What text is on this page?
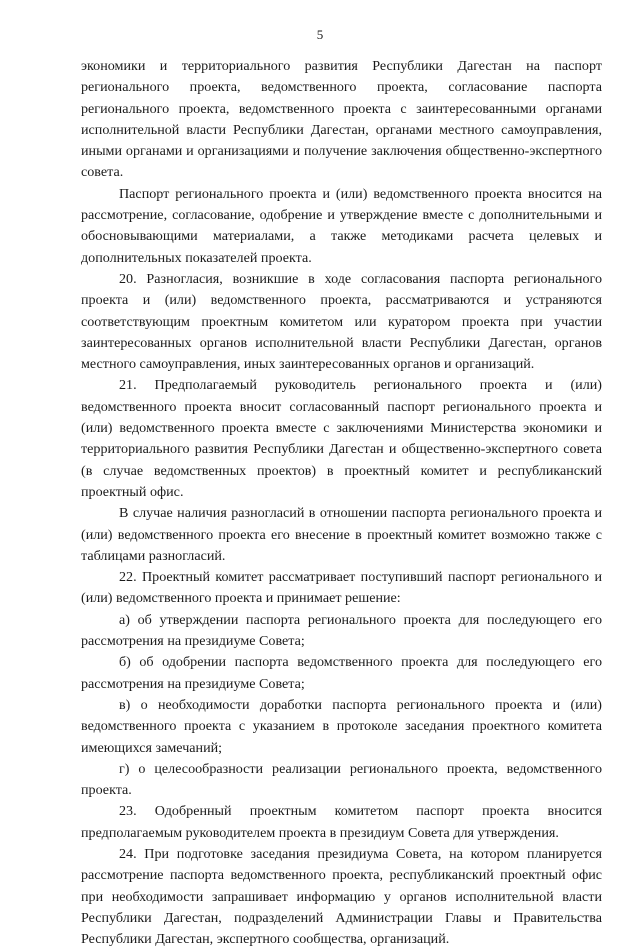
5

экономики и территориального развития Республики Дагестан на паспорт регионального проекта, ведомственного проекта, согласование паспорта регионального проекта, ведомственного проекта с заинтересованными органами исполнительной власти Республики Дагестан, органами местного самоуправления, иными органами и организациями и получение заключения общественно-экспертного совета.

Паспорт регионального проекта и (или) ведомственного проекта вносится на рассмотрение, согласование, одобрение и утверждение вместе с дополнительными и обосновывающими материалами, а также методиками расчета целевых и дополнительных показателей проекта.

20. Разногласия, возникшие в ходе согласования паспорта регионального проекта и (или) ведомственного проекта, рассматриваются и устраняются соответствующим проектным комитетом или куратором проекта при участии заинтересованных органов исполнительной власти Республики Дагестан, органов местного самоуправления, иных заинтересованных органов и организаций.

21. Предполагаемый руководитель регионального проекта и (или) ведомственного проекта вносит согласованный паспорт регионального проекта и (или) ведомственного проекта вместе с заключениями Министерства экономики и территориального развития Республики Дагестан и общественно-экспертного совета (в случае ведомственных проектов) в проектный комитет и республиканский проектный офис.

В случае наличия разногласий в отношении паспорта регионального проекта и (или) ведомственного проекта его внесение в проектный комитет возможно также с таблицами разногласий.

22. Проектный комитет рассматривает поступивший паспорт регионального и (или) ведомственного проекта и принимает решение:

а) об утверждении паспорта регионального проекта для последующего его рассмотрения на президиуме Совета;

б) об одобрении паспорта ведомственного проекта для последующего его рассмотрения на президиуме Совета;

в) о необходимости доработки паспорта регионального проекта и (или) ведомственного проекта с указанием в протоколе заседания проектного комитета имеющихся замечаний;

г) о целесообразности реализации регионального проекта, ведомственного проекта.

23. Одобренный проектным комитетом паспорт проекта вносится предполагаемым руководителем проекта в президиум Совета для утверждения.

24. При подготовке заседания президиума Совета, на котором планируется рассмотрение паспорта ведомственного проекта, республиканский проектный офис при необходимости запрашивает информацию у органов исполнительной власти Республики Дагестан, подразделений Администрации Главы и Правительства Республики Дагестан, экспертного сообщества, организаций.
